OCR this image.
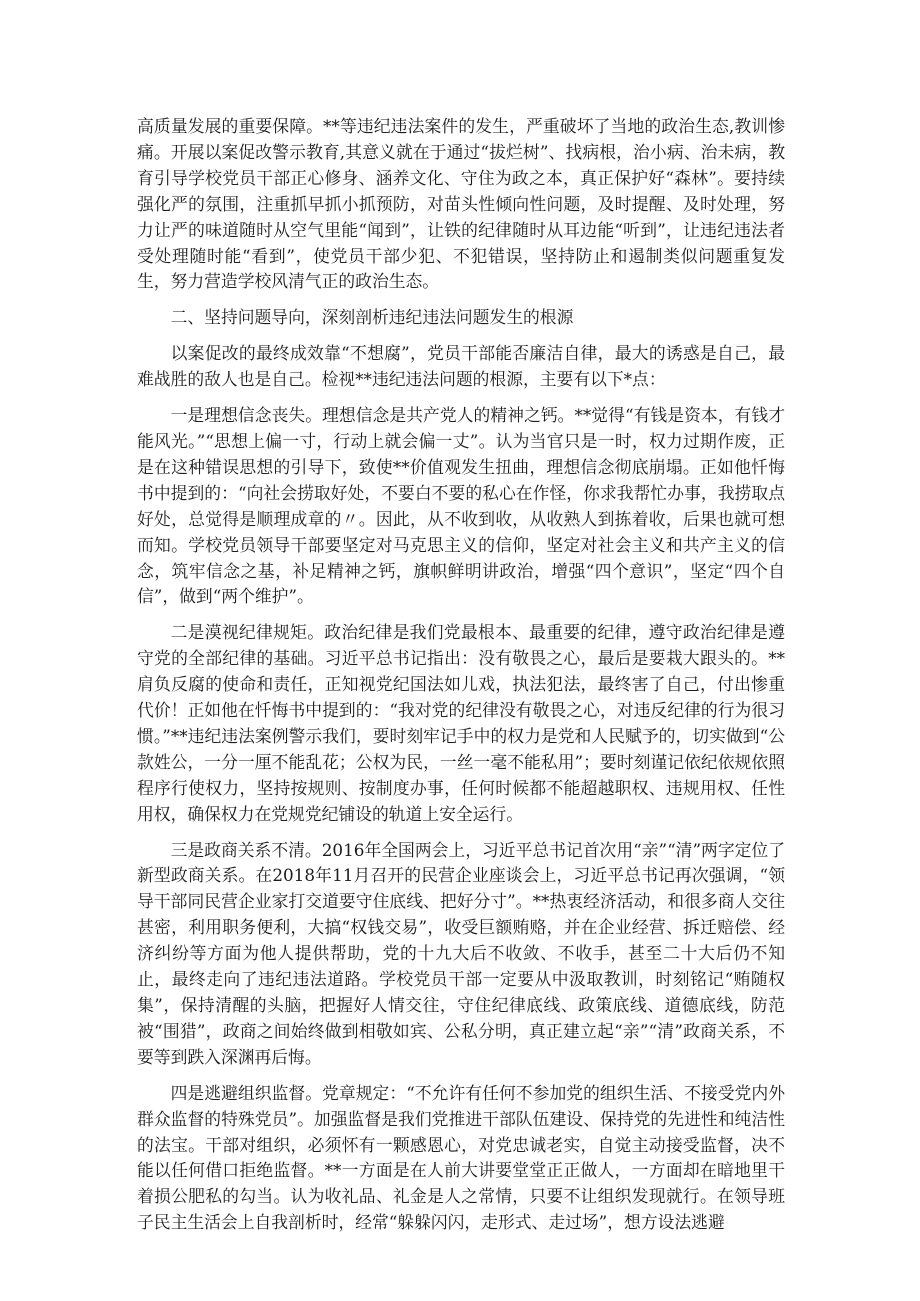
高质量发展的重要保障。**等违纪违法案件的发生，严重破坏了当地的政治生态,教训惨痛。开展以案促改警示教育,其意义就在于通过“拔烂树”、找病根，治小病、治未病，教育引导学校党员干部正心修身、涵养文化、守住为政之本，真正保护好“森林”。要持续强化严的氛围，注重抓早抓小抓预防，对苗头性倾向性问题，及时提醒、及时处理，努力让严的味道随时从空气里能“闻到”，让铁的纪律随时从耳边能“听到”，让违纪违法者受处理随时能“看到”，使党员干部少犯、不犯错误，坚持防止和遏制类似问题重复发生，努力营造学校风清气正的政治生态。

二、坚持问题导向，深刻剖析违纪违法问题发生的根源

以案促改的最终成效靠“不想腐”，党员干部能否廉洁自律，最大的诱惑是自己，最难战胜的敌人也是自己。检视**违纪违法问题的根源，主要有以下*点：

一是理想信念丧失。理想信念是共产党人的精神之钙。**觉得“有钱是资本，有钱才能风光。”“思想上偏一寸，行动上就会偏一丈”。认为当官只是一时，权力过期作废，正是在这种错误思想的引导下，致使**价值观发生扭曲，理想信念彻底崩塌。正如他忏悔书中提到的：“向社会捞取好处，不要白不要的私心在作怪，你求我帮忙办事，我捞取点好处，总觉得是顺理成章的〃。因此，从不收到收，从收熟人到拣着收，后果也就可想而知。学校党员领导干部要坚定对马克思主义的信仰，坚定对社会主义和共产主义的信念，筑牢信念之基，补足精神之钙，旗帜鲜明讲政治，增强“四个意识”，坚定“四个自信”，做到“两个维护”。

二是漠视纪律规矩。政治纪律是我们党最根本、最重要的纪律，遵守政治纪律是遵守党的全部纪律的基础。习近平总书记指出：没有敬畏之心，最后是要栽大跟头的。**肩负反腐的使命和责任，正知视党纪国法如儿戏，执法犯法，最终害了自己，付出惨重代价！正如他在忏悔书中提到的：“我对党的纪律没有敬畏之心，对违反纪律的行为很习惯。”**违纪违法案例警示我们，要时刻牢记手中的权力是党和人民赋予的，切实做到“公款姓公，一分一厘不能乱花；公权为民，一丝一毫不能私用”；要时刻谨记依纪依规依照程序行使权力，坚持按规则、按制度办事，任何时候都不能超越职权、违规用权、任性用权，确保权力在党规党纪铺设的轨道上安全运行。

三是政商关系不清。2016年全国两会上，习近平总书记首次用“亲”“清”两字定位了新型政商关系。在2018年11月召开的民营企业座谈会上，习近平总书记再次强调，“领导干部同民营企业家打交道要守住底线、把好分寸”。**热衷经济活动，和很多商人交往甚密，利用职务便利，大搞“权钱交易”，收受巨额贿赂，并在企业经营、拆迁赔偿、经济纠纷等方面为他人提供帮助，党的十九大后不收敛、不收手，甚至二十大后仍不知止，最终走向了违纪违法道路。学校党员干部一定要从中汲取教训，时刻铭记“贿随权集”，保持清醒的头脑，把握好人情交往，守住纪律底线、政策底线、道德底线，防范被“围猎”，政商之间始终做到相敬如宾、公私分明，真正建立起“亲”“清”政商关系，不要等到跌入深渊再后悔。

四是逃避组织监督。党章规定：“不允许有任何不参加党的组织生活、不接受党内外群众监督的特殊党员”。加强监督是我们党推进干部队伍建设、保持党的先进性和纯洁性的法宝。干部对组织，必须怀有一颗感恩心，对党忠诚老实，自觉主动接受监督，决不能以任何借口拒绝监督。**一方面是在人前大讲要堂堂正正做人，一方面却在暗地里干着损公肥私的勾当。认为收礼品、礼金是人之常情，只要不让组织发现就行。在领导班子民主生活会上自我剖析时，经常“躲躲闪闪，走形式、走过场”，想方设法逃避
